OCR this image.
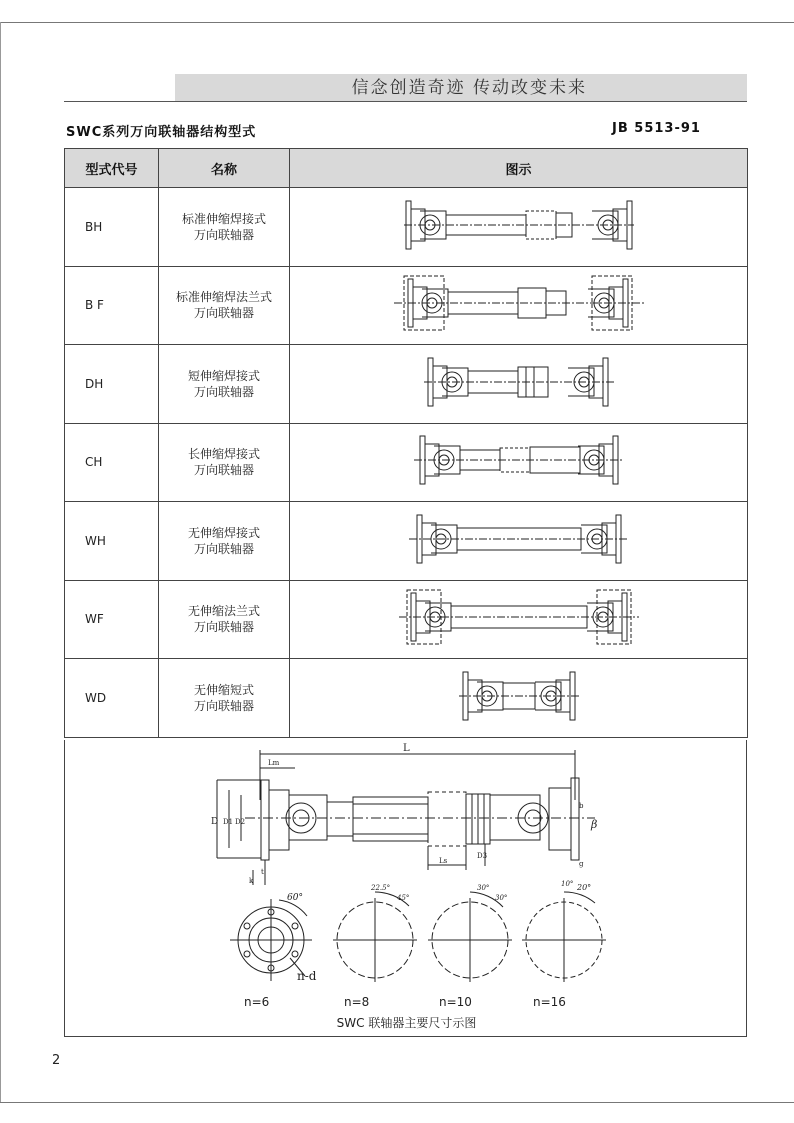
信念创造奇迹 传动改变未来
SWC系列万向联轴器结构型式	JB 5513-91
型式代号	名称	图示
BH	标准伸缩焊接式
万向联轴器

B F	标准伸缩焊法兰式
万向联轴器

DH	短伸缩焊接式
万向联轴器

CH	长伸缩焊接式
万向联轴器

WH	无伸缩焊接式
万向联轴器

WF	无伸缩法兰式
万向联轴器

WD	无伸缩短式
万向联轴器

L
Lm
Ls
D D1 D2
D3
b
g
k
t
β
60°
22.5°
45°
30°
30°
10° 20°
n-d
n=6	n=8	n=10	n=16
SWC 联轴器主要尺寸示图
2
